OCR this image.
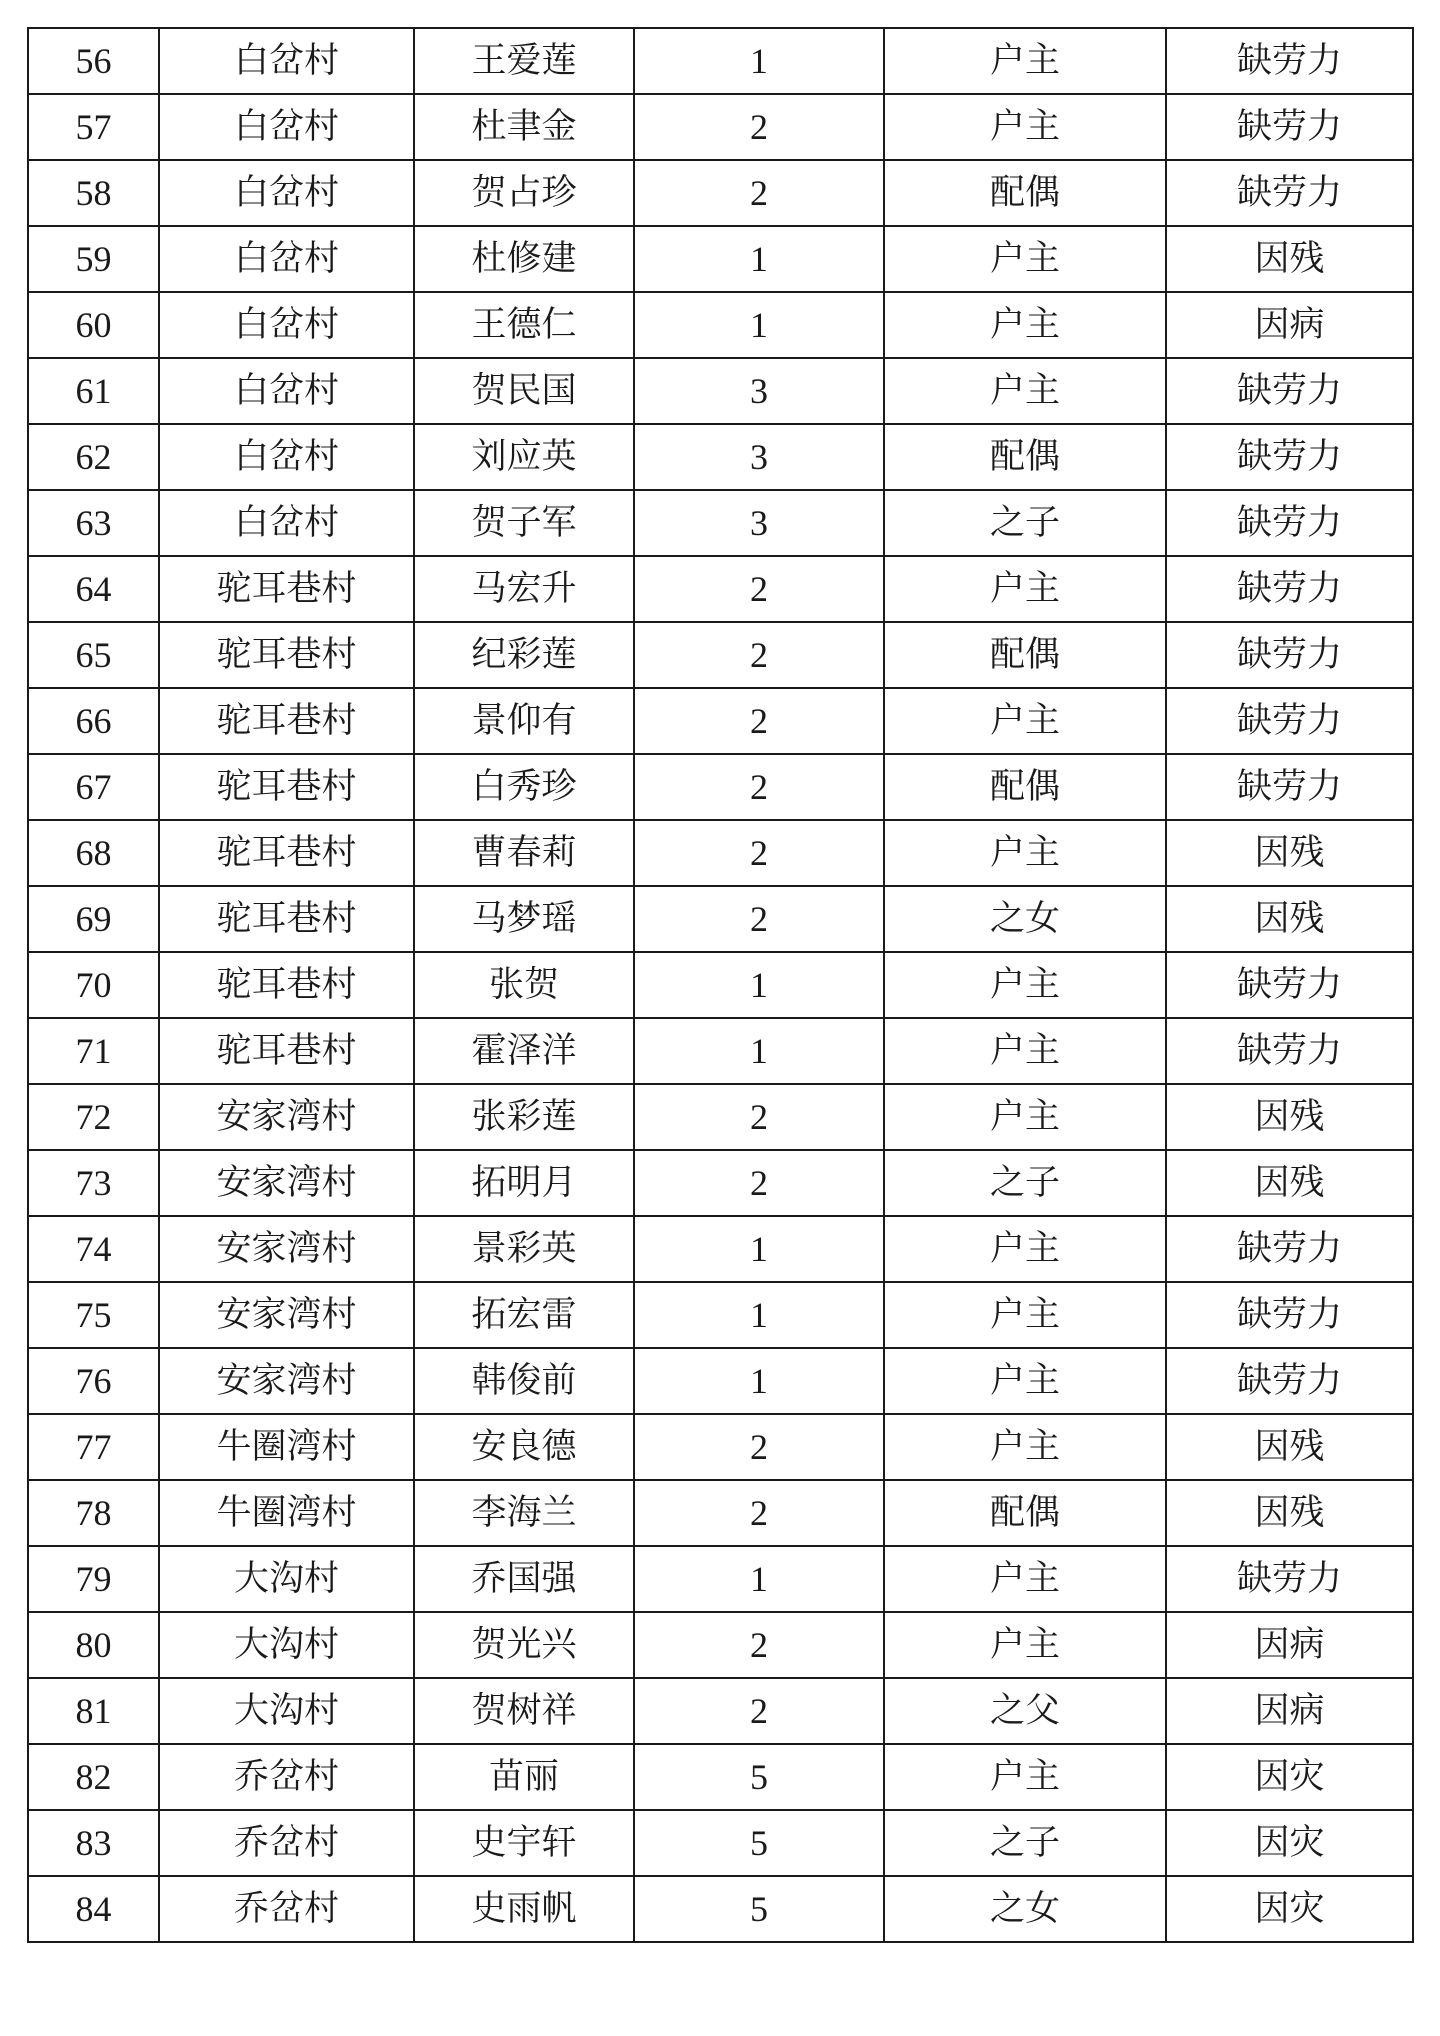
56	白岔村	王爱莲	1	户主	缺劳力
57	白岔村	杜聿金	2	户主	缺劳力
58	白岔村	贺占珍	2	配偶	缺劳力
59	白岔村	杜修建	1	户主	因残
60	白岔村	王德仁	1	户主	因病
61	白岔村	贺民国	3	户主	缺劳力
62	白岔村	刘应英	3	配偶	缺劳力
63	白岔村	贺子军	3	之子	缺劳力
64	驼耳巷村	马宏升	2	户主	缺劳力
65	驼耳巷村	纪彩莲	2	配偶	缺劳力
66	驼耳巷村	景仰有	2	户主	缺劳力
67	驼耳巷村	白秀珍	2	配偶	缺劳力
68	驼耳巷村	曹春莉	2	户主	因残
69	驼耳巷村	马梦瑶	2	之女	因残
70	驼耳巷村	张贺	1	户主	缺劳力
71	驼耳巷村	霍泽洋	1	户主	缺劳力
72	安家湾村	张彩莲	2	户主	因残
73	安家湾村	拓明月	2	之子	因残
74	安家湾村	景彩英	1	户主	缺劳力
75	安家湾村	拓宏雷	1	户主	缺劳力
76	安家湾村	韩俊前	1	户主	缺劳力
77	牛圈湾村	安良德	2	户主	因残
78	牛圈湾村	李海兰	2	配偶	因残
79	大沟村	乔国强	1	户主	缺劳力
80	大沟村	贺光兴	2	户主	因病
81	大沟村	贺树祥	2	之父	因病
82	乔岔村	苗丽	5	户主	因灾
83	乔岔村	史宇轩	5	之子	因灾
84	乔岔村	史雨帆	5	之女	因灾
